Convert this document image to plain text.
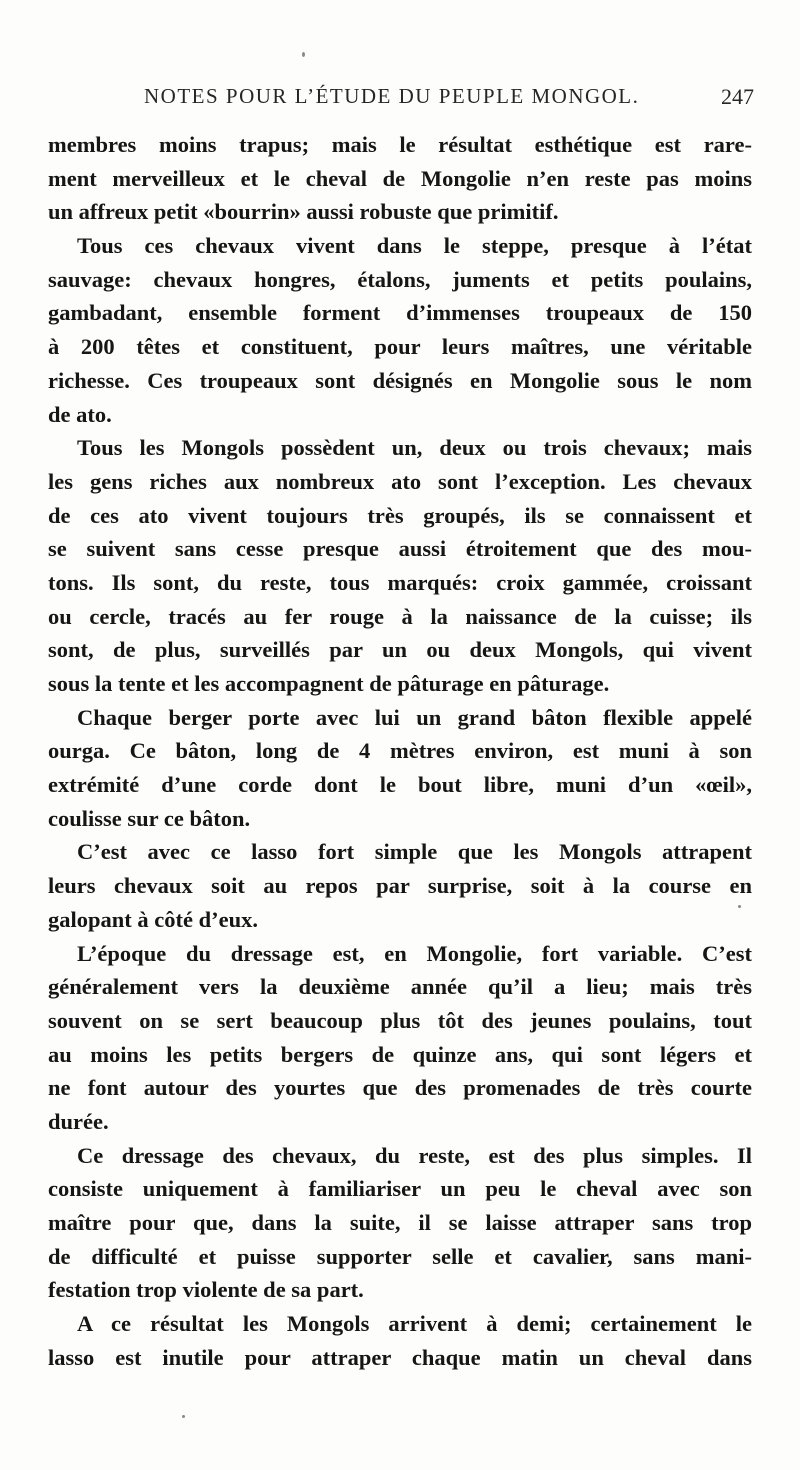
NOTES POUR L’ÉTUDE DU PEUPLE MONGOL.	247
membres moins trapus; mais le résultat esthétique est rare-
ment merveilleux et le cheval de Mongolie n’en reste pas moins
un affreux petit «bourrin» aussi robuste que primitif.
Tous ces chevaux vivent dans le steppe, presque à l’état
sauvage: chevaux hongres, étalons, juments et petits poulains,
gambadant, ensemble forment d’immenses troupeaux de 150
à 200 têtes et constituent, pour leurs maîtres, une véritable
richesse. Ces troupeaux sont désignés en Mongolie sous le nom
de ato.
Tous les Mongols possèdent un, deux ou trois chevaux; mais
les gens riches aux nombreux ato sont l’exception. Les chevaux
de ces ato vivent toujours très groupés, ils se connaissent et
se suivent sans cesse presque aussi étroitement que des mou-
tons. Ils sont, du reste, tous marqués: croix gammée, croissant
ou cercle, tracés au fer rouge à la naissance de la cuisse; ils
sont, de plus, surveillés par un ou deux Mongols, qui vivent
sous la tente et les accompagnent de pâturage en pâturage.
Chaque berger porte avec lui un grand bâton flexible appelé
ourga. Ce bâton, long de 4 mètres environ, est muni à son
extrémité d’une corde dont le bout libre, muni d’un «œil»,
coulisse sur ce bâton.
C’est avec ce lasso fort simple que les Mongols attrapent
leurs chevaux soit au repos par surprise, soit à la course en
galopant à côté d’eux.
L’époque du dressage est, en Mongolie, fort variable. C’est
généralement vers la deuxième année qu’il a lieu; mais très
souvent on se sert beaucoup plus tôt des jeunes poulains, tout
au moins les petits bergers de quinze ans, qui sont légers et
ne font autour des yourtes que des promenades de très courte
durée.
Ce dressage des chevaux, du reste, est des plus simples. Il
consiste uniquement à familiariser un peu le cheval avec son
maître pour que, dans la suite, il se laisse attraper sans trop
de difficulté et puisse supporter selle et cavalier, sans mani-
festation trop violente de sa part.
A ce résultat les Mongols arrivent à demi; certainement le
lasso est inutile pour attraper chaque matin un cheval dans
